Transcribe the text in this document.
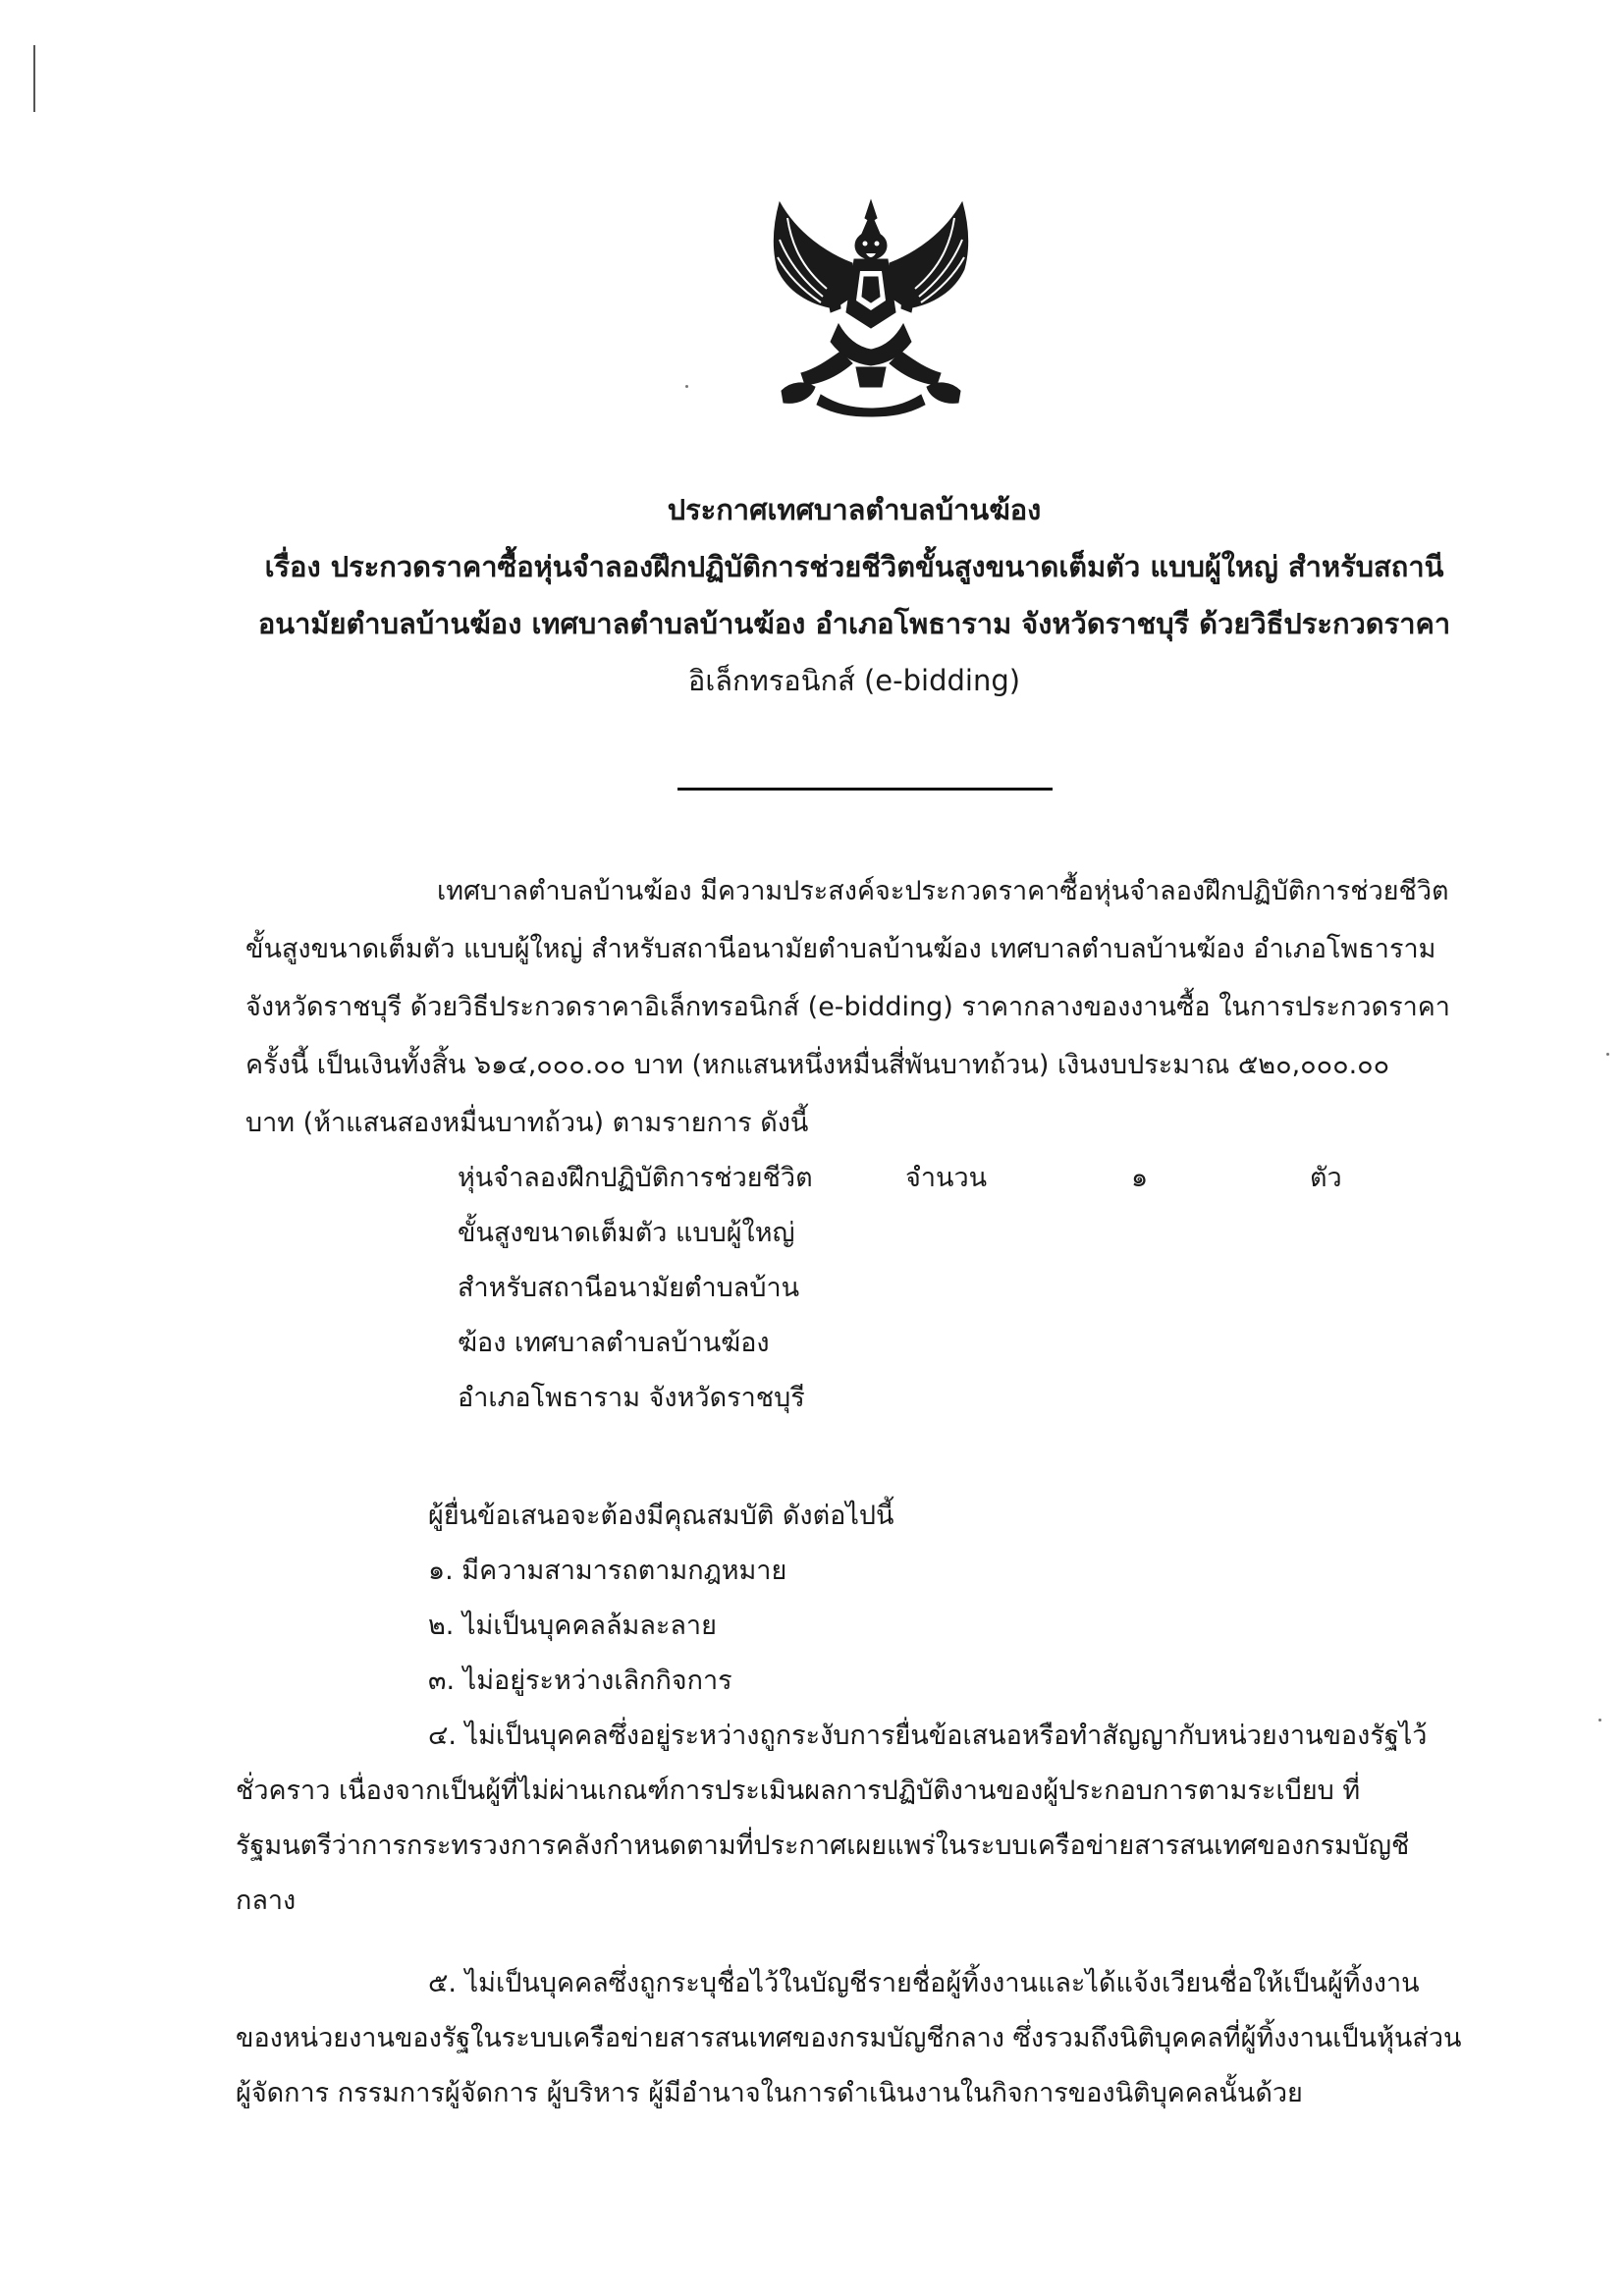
ประกาศเทศบาลตำบลบ้านฆ้อง
เรื่อง ประกวดราคาซื้อหุ่นจำลองฝึกปฏิบัติการช่วยชีวิตขั้นสูงขนาดเต็มตัว แบบผู้ใหญ่ สำหรับสถานี
อนามัยตำบลบ้านฆ้อง เทศบาลตำบลบ้านฆ้อง อำเภอโพธาราม จังหวัดราชบุรี ด้วยวิธีประกวดราคา
อิเล็กทรอนิกส์ (e-bidding)
เทศบาลตำบลบ้านฆ้อง มีความประสงค์จะประกวดราคาซื้อหุ่นจำลองฝึกปฏิบัติการช่วยชีวิต
ขั้นสูงขนาดเต็มตัว แบบผู้ใหญ่ สำหรับสถานีอนามัยตำบลบ้านฆ้อง เทศบาลตำบลบ้านฆ้อง อำเภอโพธาราม
จังหวัดราชบุรี ด้วยวิธีประกวดราคาอิเล็กทรอนิกส์ (e-bidding) ราคากลางของงานซื้อ ในการประกวดราคา
ครั้งนี้ เป็นเงินทั้งสิ้น ๖๑๔,๐๐๐.๐๐ บาท (หกแสนหนึ่งหมื่นสี่พันบาทถ้วน) เงินงบประมาณ ๕๒๐,๐๐๐.๐๐
บาท (ห้าแสนสองหมื่นบาทถ้วน) ตามรายการ ดังนี้
หุ่นจำลองฝึกปฏิบัติการช่วยชีวิต	จำนวน	๑	ตัว
ขั้นสูงขนาดเต็มตัว แบบผู้ใหญ่
สำหรับสถานีอนามัยตำบลบ้าน
ฆ้อง เทศบาลตำบลบ้านฆ้อง
อำเภอโพธาราม จังหวัดราชบุรี
ผู้ยื่นข้อเสนอจะต้องมีคุณสมบัติ ดังต่อไปนี้
๑. มีความสามารถตามกฎหมาย
๒. ไม่เป็นบุคคลล้มละลาย
๓. ไม่อยู่ระหว่างเลิกกิจการ
๔. ไม่เป็นบุคคลซึ่งอยู่ระหว่างถูกระงับการยื่นข้อเสนอหรือทำสัญญากับหน่วยงานของรัฐไว้
ชั่วคราว เนื่องจากเป็นผู้ที่ไม่ผ่านเกณฑ์การประเมินผลการปฏิบัติงานของผู้ประกอบการตามระเบียบ ที่
รัฐมนตรีว่าการกระทรวงการคลังกำหนดตามที่ประกาศเผยแพร่ในระบบเครือข่ายสารสนเทศของกรมบัญชี
กลาง
๕. ไม่เป็นบุคคลซึ่งถูกระบุชื่อไว้ในบัญชีรายชื่อผู้ทิ้งงานและได้แจ้งเวียนชื่อให้เป็นผู้ทิ้งงาน
ของหน่วยงานของรัฐในระบบเครือข่ายสารสนเทศของกรมบัญชีกลาง ซึ่งรวมถึงนิติบุคคลที่ผู้ทิ้งงานเป็นหุ้นส่วน
ผู้จัดการ กรรมการผู้จัดการ ผู้บริหาร ผู้มีอำนาจในการดำเนินงานในกิจการของนิติบุคคลนั้นด้วย
